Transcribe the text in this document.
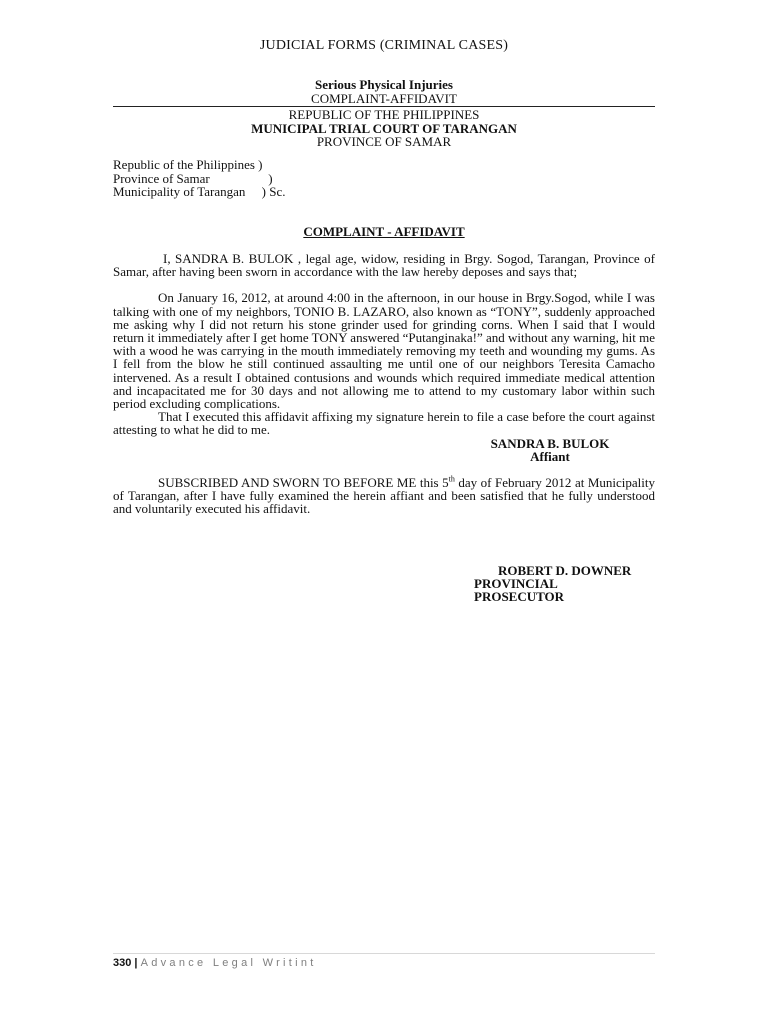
JUDICIAL FORMS (CRIMINAL CASES)
Serious Physical Injuries
COMPLAINT-AFFIDAVIT
REPUBLIC OF THE PHILIPPINES
MUNICIPAL TRIAL COURT OF TARANGAN
PROVINCE OF SAMAR
Republic of the Philippines )
Province of Samar                  )
Municipality of Tarangan     ) Sc.
COMPLAINT - AFFIDAVIT

I, SANDRA B. BULOK , legal age, widow, residing in Brgy. Sogod, Tarangan, Province of Samar, after having been sworn in accordance with the law hereby deposes and says that;

On January 16, 2012, at around 4:00 in the afternoon, in our house in Brgy.Sogod, while I was talking with one of my neighbors, TONIO B. LAZARO, also known as “TONY”, suddenly approached me asking why I did not return his stone grinder used for grinding corns. When I said that I would return it immediately after I get home TONY answered “Putanginaka!” and without any warning, hit me with a wood he was carrying in the mouth immediately removing my teeth and wounding my gums. As I fell from the blow he still continued assaulting me until one of our neighbors Teresita Camacho intervened. As a result I obtained contusions and wounds which required immediate medical attention and incapacitated me for 30 days and not allowing me to attend to my customary labor within such period excluding complications.

That I executed this affidavit affixing my signature herein to file a case before the court against attesting to what he did to me.

SANDRA B. BULOK
Affiant

SUBSCRIBED AND SWORN TO BEFORE ME this 5th day of February 2012 at Municipality of Tarangan, after I have fully examined the herein affiant and been satisfied that he fully understood and voluntarily executed his affidavit.

ROBERT D. DOWNER
PROVINCIAL
PROSECUTOR
330 | Advance Legal Writint
